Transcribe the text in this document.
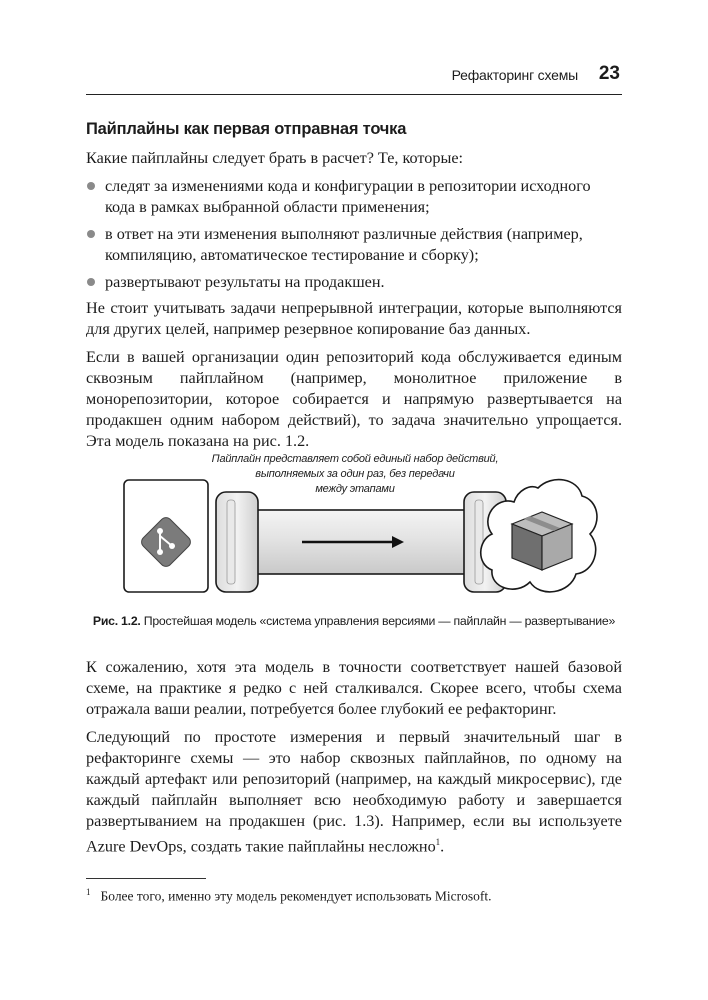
Рефакторинг схемы 23
Пайплайны как первая отправная точка

Какие пайплайны следует брать в расчет? Те, которые:

следят за изменениями кода и конфигурации в репозитории исходного кода в рамках выбранной области применения;
в ответ на эти изменения выполняют различные действия (например, компиляцию, автоматическое тестирование и сборку);
развертывают результаты на продакшен.

Не стоит учитывать задачи непрерывной интеграции, которые выполняются для других целей, например резервное копирование баз данных.

Если в вашей организации один репозиторий кода обслуживается единым сквозным пайплайном (например, монолитное приложение в монорепозитории, которое собирается и напрямую развертывается на продакшен одним набором действий), то задача значительно упрощается. Эта модель показана на рис. 1.2.

Пайплайн представляет собой единый набор действий,
выполняемых за один раз, без передачи
между этапами
Рис. 1.2. Простейшая модель «система управления версиями — пайплайн — развертывание»

К сожалению, хотя эта модель в точности соответствует нашей базовой схеме, на практике я редко с ней сталкивался. Скорее всего, чтобы схема отражала ваши реалии, потребуется более глубокий ее рефакторинг.

Следующий по простоте измерения и первый значительный шаг в рефакторинге схемы — это набор сквозных пайплайнов, по одному на каждый артефакт или репозиторий (например, на каждый микросервис), где каждый пайплайн выполняет всю необходимую работу и завершается развертыванием на продакшен (рис. 1.3). Например, если вы используете Azure DevOps, создать такие пайплайны несложно$^1$.

$^1$ Более того, именно эту модель рекомендует использовать Microsoft.
